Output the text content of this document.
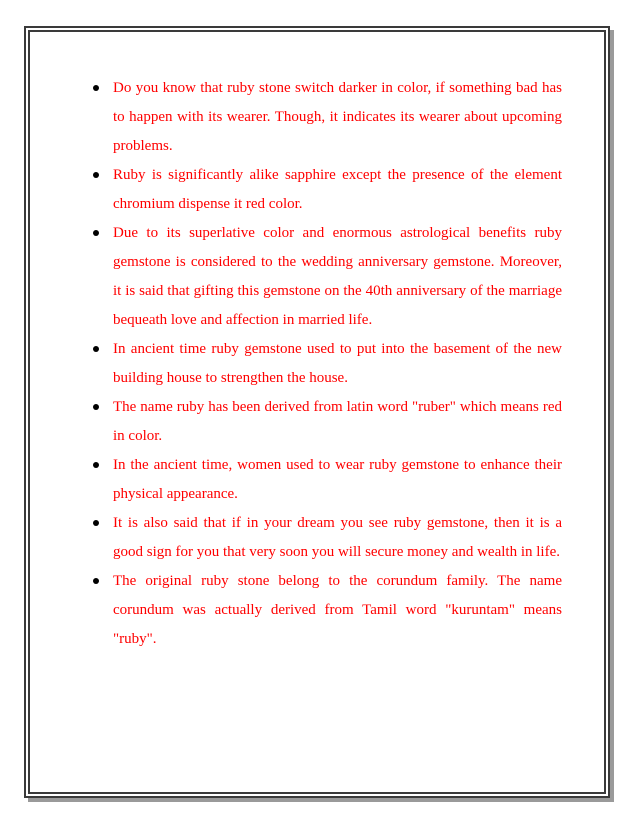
Do you know that ruby stone switch darker in color, if something bad has to happen with its wearer. Though, it indicates its wearer about upcoming problems.
Ruby is significantly alike sapphire except the presence of the element chromium dispense it red color.
Due to its superlative color and enormous astrological benefits ruby gemstone is considered to the wedding anniversary gemstone. Moreover, it is said that gifting this gemstone on the 40th anniversary of the marriage bequeath love and affection in married life.
In ancient time ruby gemstone used to put into the basement of the new building house to strengthen the house.
The name ruby has been derived from latin word "ruber" which means red in color.
In the ancient time, women used to wear ruby gemstone to enhance their physical appearance.
It is also said that if in your dream you see ruby gemstone, then it is a good sign for you that very soon you will secure money and wealth in life.
The original ruby stone belong to the corundum family. The name corundum was actually derived from Tamil word "kuruntam" means "ruby".
